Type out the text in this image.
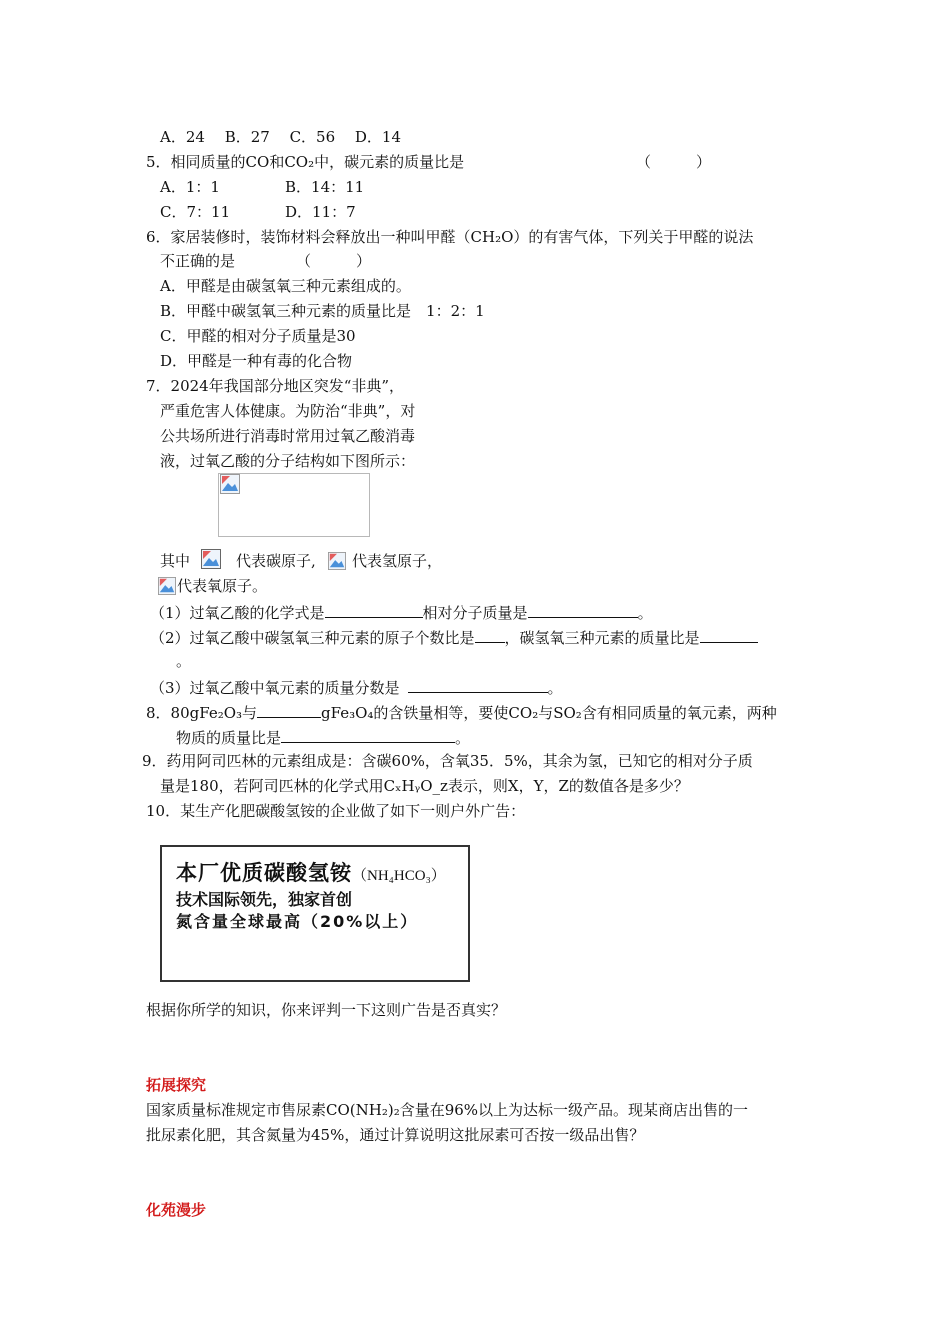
A．24　 B．27　 C．56　 D．14
5．相同质量的CO和CO₂中，碳元素的质量比是	（　　　）
A．1：1	B．14：11
C．7：11	D．11：7
6．家居装修时，装饰材料会释放出一种叫甲醛（CH₂O）的有害气体，下列关于甲醛的说法
不正确的是	（　　　）
A．甲醛是由碳氢氧三种元素组成的。
B．甲醛中碳氢氧三种元素的质量比是　1：2：1
C．甲醛的相对分子质量是30
D．甲醛是一种有毒的化合物
7．2024年我国部分地区突发“非典”，
严重危害人体健康。为防治“非典”，对
公共场所进行消毒时常用过氧乙酸消毒
液，过氧乙酸的分子结构如下图所示：
其中	代表碳原子, 代表氢原子，
代表氧原子。
（1）过氧乙酸的化学式是	相对分子质量是	。
（2）过氧乙酸中碳氢氧三种元素的原子个数比是 ，碳氢氧三种元素的质量比是
。
（3）过氧乙酸中氧元素的质量分数是	。
8．80gFe₂O₃与	gFe₃O₄的含铁量相等，要使CO₂与SO₂含有相同质量的氧元素，两种
物质的质量比是	。
9．药用阿司匹林的元素组成是：含碳60%，含氧35．5%，其余为氢，已知它的相对分子质
量是180，若阿司匹林的化学式用CₓHᵧO_z表示，则X，Y，Z的数值各是多少？
10．某生产化肥碳酸氢铵的企业做了如下一则户外广告：
本厂优质碳酸氢铵（NH₄HCO₃）
技术国际领先，独家首创
氮含量全球最高（20%以上）
根据你所学的知识，你来评判一下这则广告是否真实？
拓展探究
国家质量标准规定市售尿素CO(NH₂)₂含量在96%以上为达标一级产品。现某商店出售的一
批尿素化肥，其含氮量为45%，通过计算说明这批尿素可否按一级品出售？
化苑漫步
